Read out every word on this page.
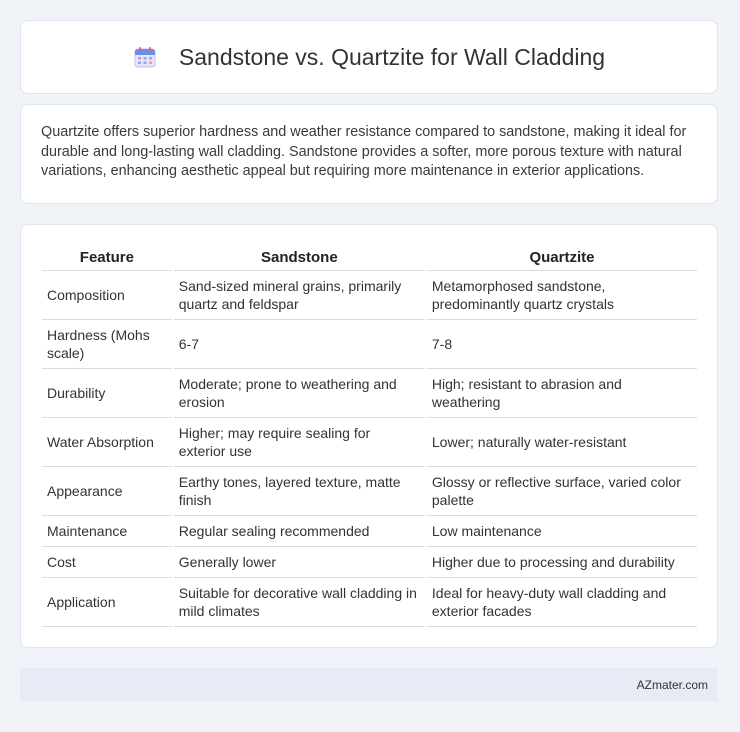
Sandstone vs. Quartzite for Wall Cladding

Quartzite offers superior hardness and weather resistance compared to sandstone, making it ideal for durable and long-lasting wall cladding. Sandstone provides a softer, more porous texture with natural variations, enhancing aesthetic appeal but requiring more maintenance in exterior applications.

Feature	Sandstone	Quartzite
Composition	Sand-sized mineral grains, primarily quartz and feldspar	Metamorphosed sandstone, predominantly quartz crystals
Hardness (Mohs scale)	6-7	7-8
Durability	Moderate; prone to weathering and erosion	High; resistant to abrasion and weathering
Water Absorption	Higher; may require sealing for exterior use	Lower; naturally water-resistant
Appearance	Earthy tones, layered texture, matte finish	Glossy or reflective surface, varied color palette
Maintenance	Regular sealing recommended	Low maintenance
Cost	Generally lower	Higher due to processing and durability
Application	Suitable for decorative wall cladding in mild climates	Ideal for heavy-duty wall cladding and exterior facades
AZmater.com
